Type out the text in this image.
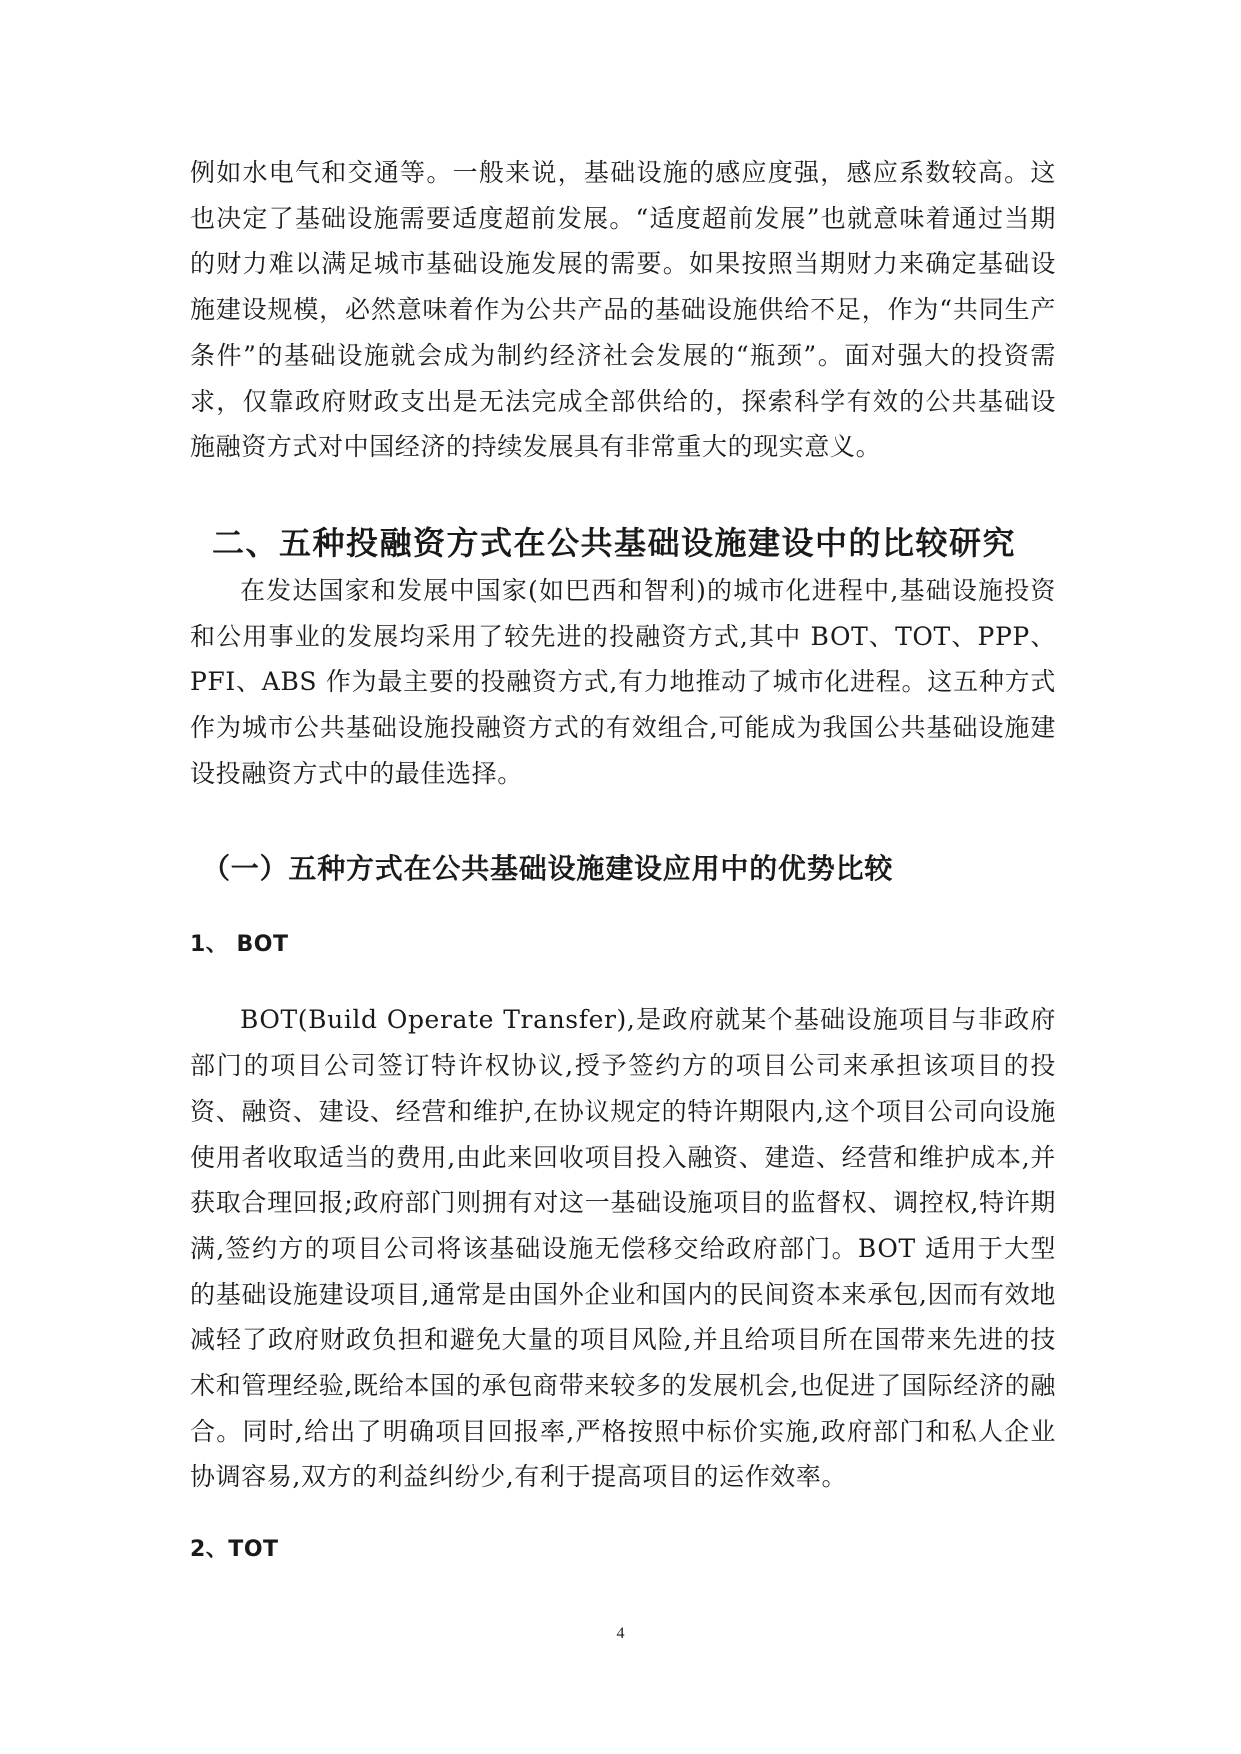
例如水电气和交通等。一般来说，基础设施的感应度强，感应系数较高。这也决定了基础设施需要适度超前发展。“适度超前发展”也就意味着通过当期的财力难以满足城市基础设施发展的需要。如果按照当期财力来确定基础设施建设规模，必然意味着作为公共产品的基础设施供给不足，作为“共同生产条件”的基础设施就会成为制约经济社会发展的“瓶颈”。面对强大的投资需求，仅靠政府财政支出是无法完成全部供给的，探索科学有效的公共基础设施融资方式对中国经济的持续发展具有非常重大的现实意义。

二、五种投融资方式在公共基础设施建设中的比较研究

在发达国家和发展中国家(如巴西和智利)的城市化进程中,基础设施投资和公用事业的发展均采用了较先进的投融资方式,其中 BOT、TOT、PPP、PFI、ABS 作为最主要的投融资方式,有力地推动了城市化进程。这五种方式作为城市公共基础设施投融资方式的有效组合,可能成为我国公共基础设施建设投融资方式中的最佳选择。

（一）五种方式在公共基础设施建设应用中的优势比较
1、 BOT

BOT(Build Operate Transfer),是政府就某个基础设施项目与非政府部门的项目公司签订特许权协议,授予签约方的项目公司来承担该项目的投资、融资、建设、经营和维护,在协议规定的特许期限内,这个项目公司向设施使用者收取适当的费用,由此来回收项目投入融资、建造、经营和维护成本,并获取合理回报;政府部门则拥有对这一基础设施项目的监督权、调控权,特许期满,签约方的项目公司将该基础设施无偿移交给政府部门。BOT 适用于大型的基础设施建设项目,通常是由国外企业和国内的民间资本来承包,因而有效地减轻了政府财政负担和避免大量的项目风险,并且给项目所在国带来先进的技术和管理经验,既给本国的承包商带来较多的发展机会,也促进了国际经济的融合。同时,给出了明确项目回报率,严格按照中标价实施,政府部门和私人企业协调容易,双方的利益纠纷少,有利于提高项目的运作效率。

2、TOT
4
